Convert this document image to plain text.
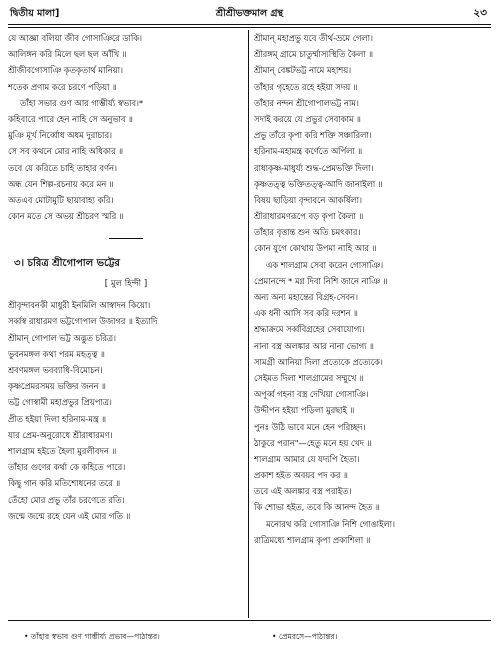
দ্বিতীয় মালা]	শ্রীশ্রীভক্তমাল গ্রন্থ	২৩
যে আজ্ঞা বলিয়া জীব গোসাঞিরে ডাকি।
আলিঙ্গন করি মিলে ছল ছল আঁখি ॥
শ্রীজীবগোসাঞি কৃতকৃতার্থ মানিয়া।
শতেক প্রণাম করে চরণে পড়িয়া ॥
তাঁহা সভার গুণ আর গাম্ভীর্য্য স্বভাব।*
কহিবারে পারে হেন নাহি সে অনুভাব ॥
মুঞি মূর্খ নির্ব্বোধ অধম দুরাচার।
সে সব কথনে মোর নাহি অধিকার ॥
তবে যে করিতে চাহি তাহার বর্ণন।
অন্ধ যেন শিল্প-রচনায় করে মন ॥
অতএব মোটামুটি ছায়াবাহ্য করি।
কোন মতে সে অভয় শ্রীচরণ স্মরি ॥
৩। চরিত্র শ্রীগোপাল ভট্টের
[ মুল হিন্দী ]
শ্রীবৃন্দাবনকী মাধুরী ইনমিলি আস্বাদন কিয়ো।
সর্ব্বস্ব রাধারমণ ভট্টগোপাল উজাগর ॥ ইত্যাদি
শ্রীমান্ গোপাল ভট্ট অদ্ভুত চরিত্র।
ভুবনমঙ্গল কথা পরম মহত্ত্ব ॥
শ্রবণমঙ্গল ভবব্যাধি-বিমোচন।
কৃষ্ণপ্রেমরসময় ভক্তির জনন ॥
ভট্ট গোস্বামী মহাপ্রভুর প্রিয়পাত্র।
প্রীত হইয়া দিলা হরিনাম-মন্ত্র ॥
যার প্রেম-অনুরোধে শ্রীরাধারমণ।
শালগ্রাম হইতে হৈলা মুরলীবদন ॥
তাঁহার গুণের কর্থা কে কহিতে পারে।
কিছু গান করি মতিশোধনের তরে ॥
তেঁহো মোর প্রভু তাঁর চরণেতে রতি।
জন্মে জন্মে রহে যেন এই মোর গতি ॥
শ্রীমান্ মহাপ্রভু যবে তীর্থ-ভ্রমে গেলা।
শ্রীরঙ্গম্ গ্রামে চাতুর্ম্মাস্যস্থিতি কৈলা ॥
শ্রীমান্ বেঙ্কটভট্ট নামে মহাশয়।
তাঁহার গৃহেতে রহে হইয়া সদয় ॥
তাঁহার নন্দন শ্রীগোপালভট্ট নাম।
সদাই করয়ে যে প্রভুর সেবাকাম ॥
প্রভু তাঁরে কৃপা করি শক্তি সঞ্চারিলা।
হরিনাম-মহামন্ত্র কর্ণেতে অর্পিলা ॥
রাধাকৃষ্ণ-মাধুর্য্য শুদ্ধ-প্রেমভক্তি দিলা।
কৃষ্ণতত্ত্ব ভক্তিতত্ত্ব-আদি জানাইলা ॥
বিষয় ছাড়িয়া বৃন্দাবনে আকর্ষিলা।
শ্রীরাধারমণরূপে বড় কৃপা কৈলা ॥
তাঁহার বৃত্তান্ত শুন অতি চমৎকার।
কোন যুগে কোথায় উপমা নাহি আর ॥
এক শালগ্রাম সেবা করেন গোসাঞি।
প্রেমানন্দে * মগ্ন দিবা নিশি জানে নাঞি ॥
অন্য অন্য মহান্তের বিগ্রহ-সেবন।
এক ধনী আসি সব করি দরশন ॥
শ্রদ্ধাক্রমে সর্ব্ববিগ্রহের সেবাযোগ্য।
নানা বস্ত্র অলঙ্কার আর নানা ভোগ্য ॥
সামগ্রী আনিয়া দিলা প্রত্যেকে প্রত্যেকে।
সেইমত দিলা শালগ্রামের সম্মুখে ॥
অপূর্ব্ব গহনা বস্ত্র দেখিয়া গোসাঞি।
উদ্দীপন হইয়া পড়িলা মুরছাই ॥
পুনঃ উঠি ভাবে মনে হেন পরিচ্ছদ।
ঠাকুরে পরান"—হেতু মনে হয় খেদ ॥
শালগ্রাম আমার যে যদ্যপি হৈতা।
প্রকাশ হইত অবয়ব পদ কর ॥
তবে এই অলঙ্কার বস্ত্র পরাইত।
কি শোভা হইত, তবে কি আনন্দ হৈত ॥
মনোরথ করি গোসাঞি নিশি গোঙাইলা।
রাত্রিমধ্যে শালগ্রাম কৃপা প্রকাশিলা ॥
• তাঁহার স্বভাব গুণ গাম্ভীর্য্য প্রভাব—পাঠান্তর।	• প্রেমরসে—পাঠান্তর।
